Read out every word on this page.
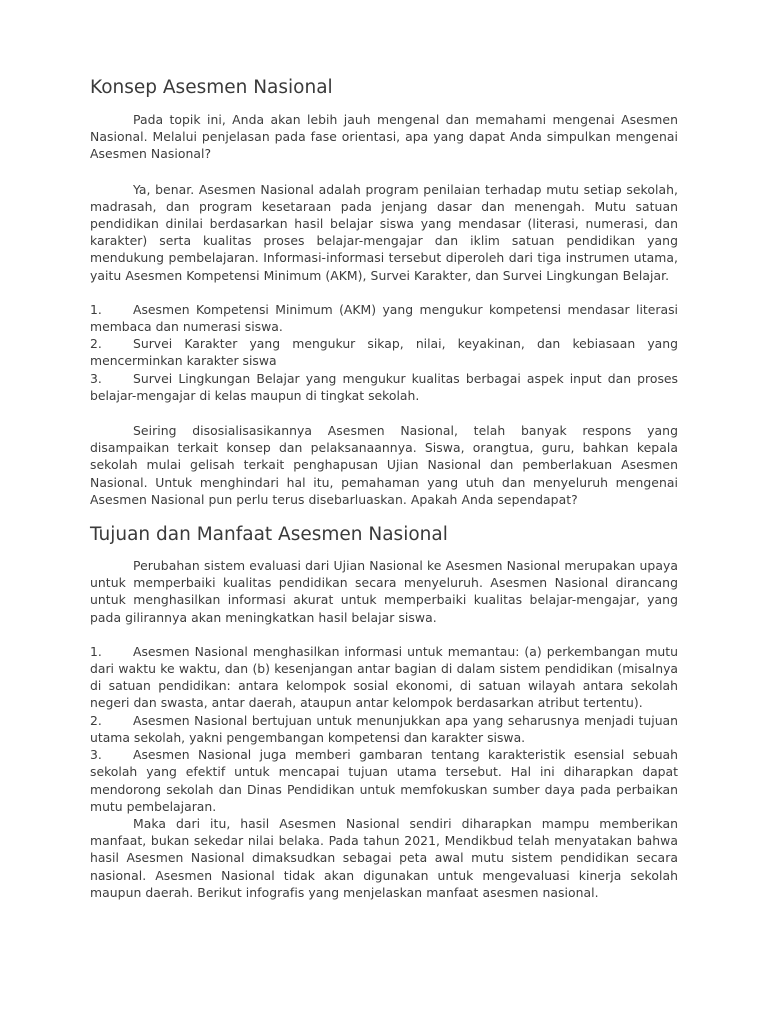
Konsep Asesmen Nasional

Pada topik ini, Anda akan lebih jauh mengenal dan memahami mengenai Asesmen Nasional. Melalui penjelasan pada fase orientasi, apa yang dapat Anda simpulkan mengenai Asesmen Nasional?

Ya, benar. Asesmen Nasional adalah program penilaian terhadap mutu setiap sekolah, madrasah, dan program kesetaraan pada jenjang dasar dan menengah. Mutu satuan pendidikan dinilai berdasarkan hasil belajar siswa yang mendasar (literasi, numerasi, dan karakter) serta kualitas proses belajar-mengajar dan iklim satuan pendidikan yang mendukung pembelajaran. Informasi-informasi tersebut diperoleh dari tiga instrumen utama, yaitu Asesmen Kompetensi Minimum (AKM), Survei Karakter, dan Survei Lingkungan Belajar.

1.	Asesmen Kompetensi Minimum (AKM) yang mengukur kompetensi mendasar literasi membaca dan numerasi siswa.
2.	Survei Karakter yang mengukur sikap, nilai, keyakinan, dan kebiasaan yang mencerminkan karakter siswa
3.	Survei Lingkungan Belajar yang mengukur kualitas berbagai aspek input dan proses belajar-mengajar di kelas maupun di tingkat sekolah.

Seiring disosialisasikannya Asesmen Nasional, telah banyak respons yang disampaikan terkait konsep dan pelaksanaannya. Siswa, orangtua, guru, bahkan kepala sekolah mulai gelisah terkait penghapusan Ujian Nasional dan pemberlakuan Asesmen Nasional. Untuk menghindari hal itu, pemahaman yang utuh dan menyeluruh mengenai Asesmen Nasional pun perlu terus disebarluaskan. Apakah Anda sependapat?

Tujuan dan Manfaat Asesmen Nasional

Perubahan sistem evaluasi dari Ujian Nasional ke Asesmen Nasional merupakan upaya untuk memperbaiki kualitas pendidikan secara menyeluruh. Asesmen Nasional dirancang untuk menghasilkan informasi akurat untuk memperbaiki kualitas belajar-mengajar, yang pada gilirannya akan meningkatkan hasil belajar siswa.

1.	Asesmen Nasional menghasilkan informasi untuk memantau: (a) perkembangan mutu dari waktu ke waktu, dan (b) kesenjangan antar bagian di dalam sistem pendidikan (misalnya di satuan pendidikan: antara kelompok sosial ekonomi, di satuan wilayah antara sekolah negeri dan swasta, antar daerah, ataupun antar kelompok berdasarkan atribut tertentu).
2.	Asesmen Nasional bertujuan untuk menunjukkan apa yang seharusnya menjadi tujuan utama sekolah, yakni pengembangan kompetensi dan karakter siswa.
3.	Asesmen Nasional juga memberi gambaran tentang karakteristik esensial sebuah sekolah yang efektif untuk mencapai tujuan utama tersebut. Hal ini diharapkan dapat mendorong sekolah dan Dinas Pendidikan untuk memfokuskan sumber daya pada perbaikan mutu pembelajaran.

Maka dari itu, hasil Asesmen Nasional sendiri diharapkan mampu memberikan manfaat, bukan sekedar nilai belaka. Pada tahun 2021, Mendikbud telah menyatakan bahwa hasil Asesmen Nasional dimaksudkan sebagai peta awal mutu sistem pendidikan secara nasional. Asesmen Nasional tidak akan digunakan untuk mengevaluasi kinerja sekolah maupun daerah. Berikut infografis yang menjelaskan manfaat asesmen nasional.
